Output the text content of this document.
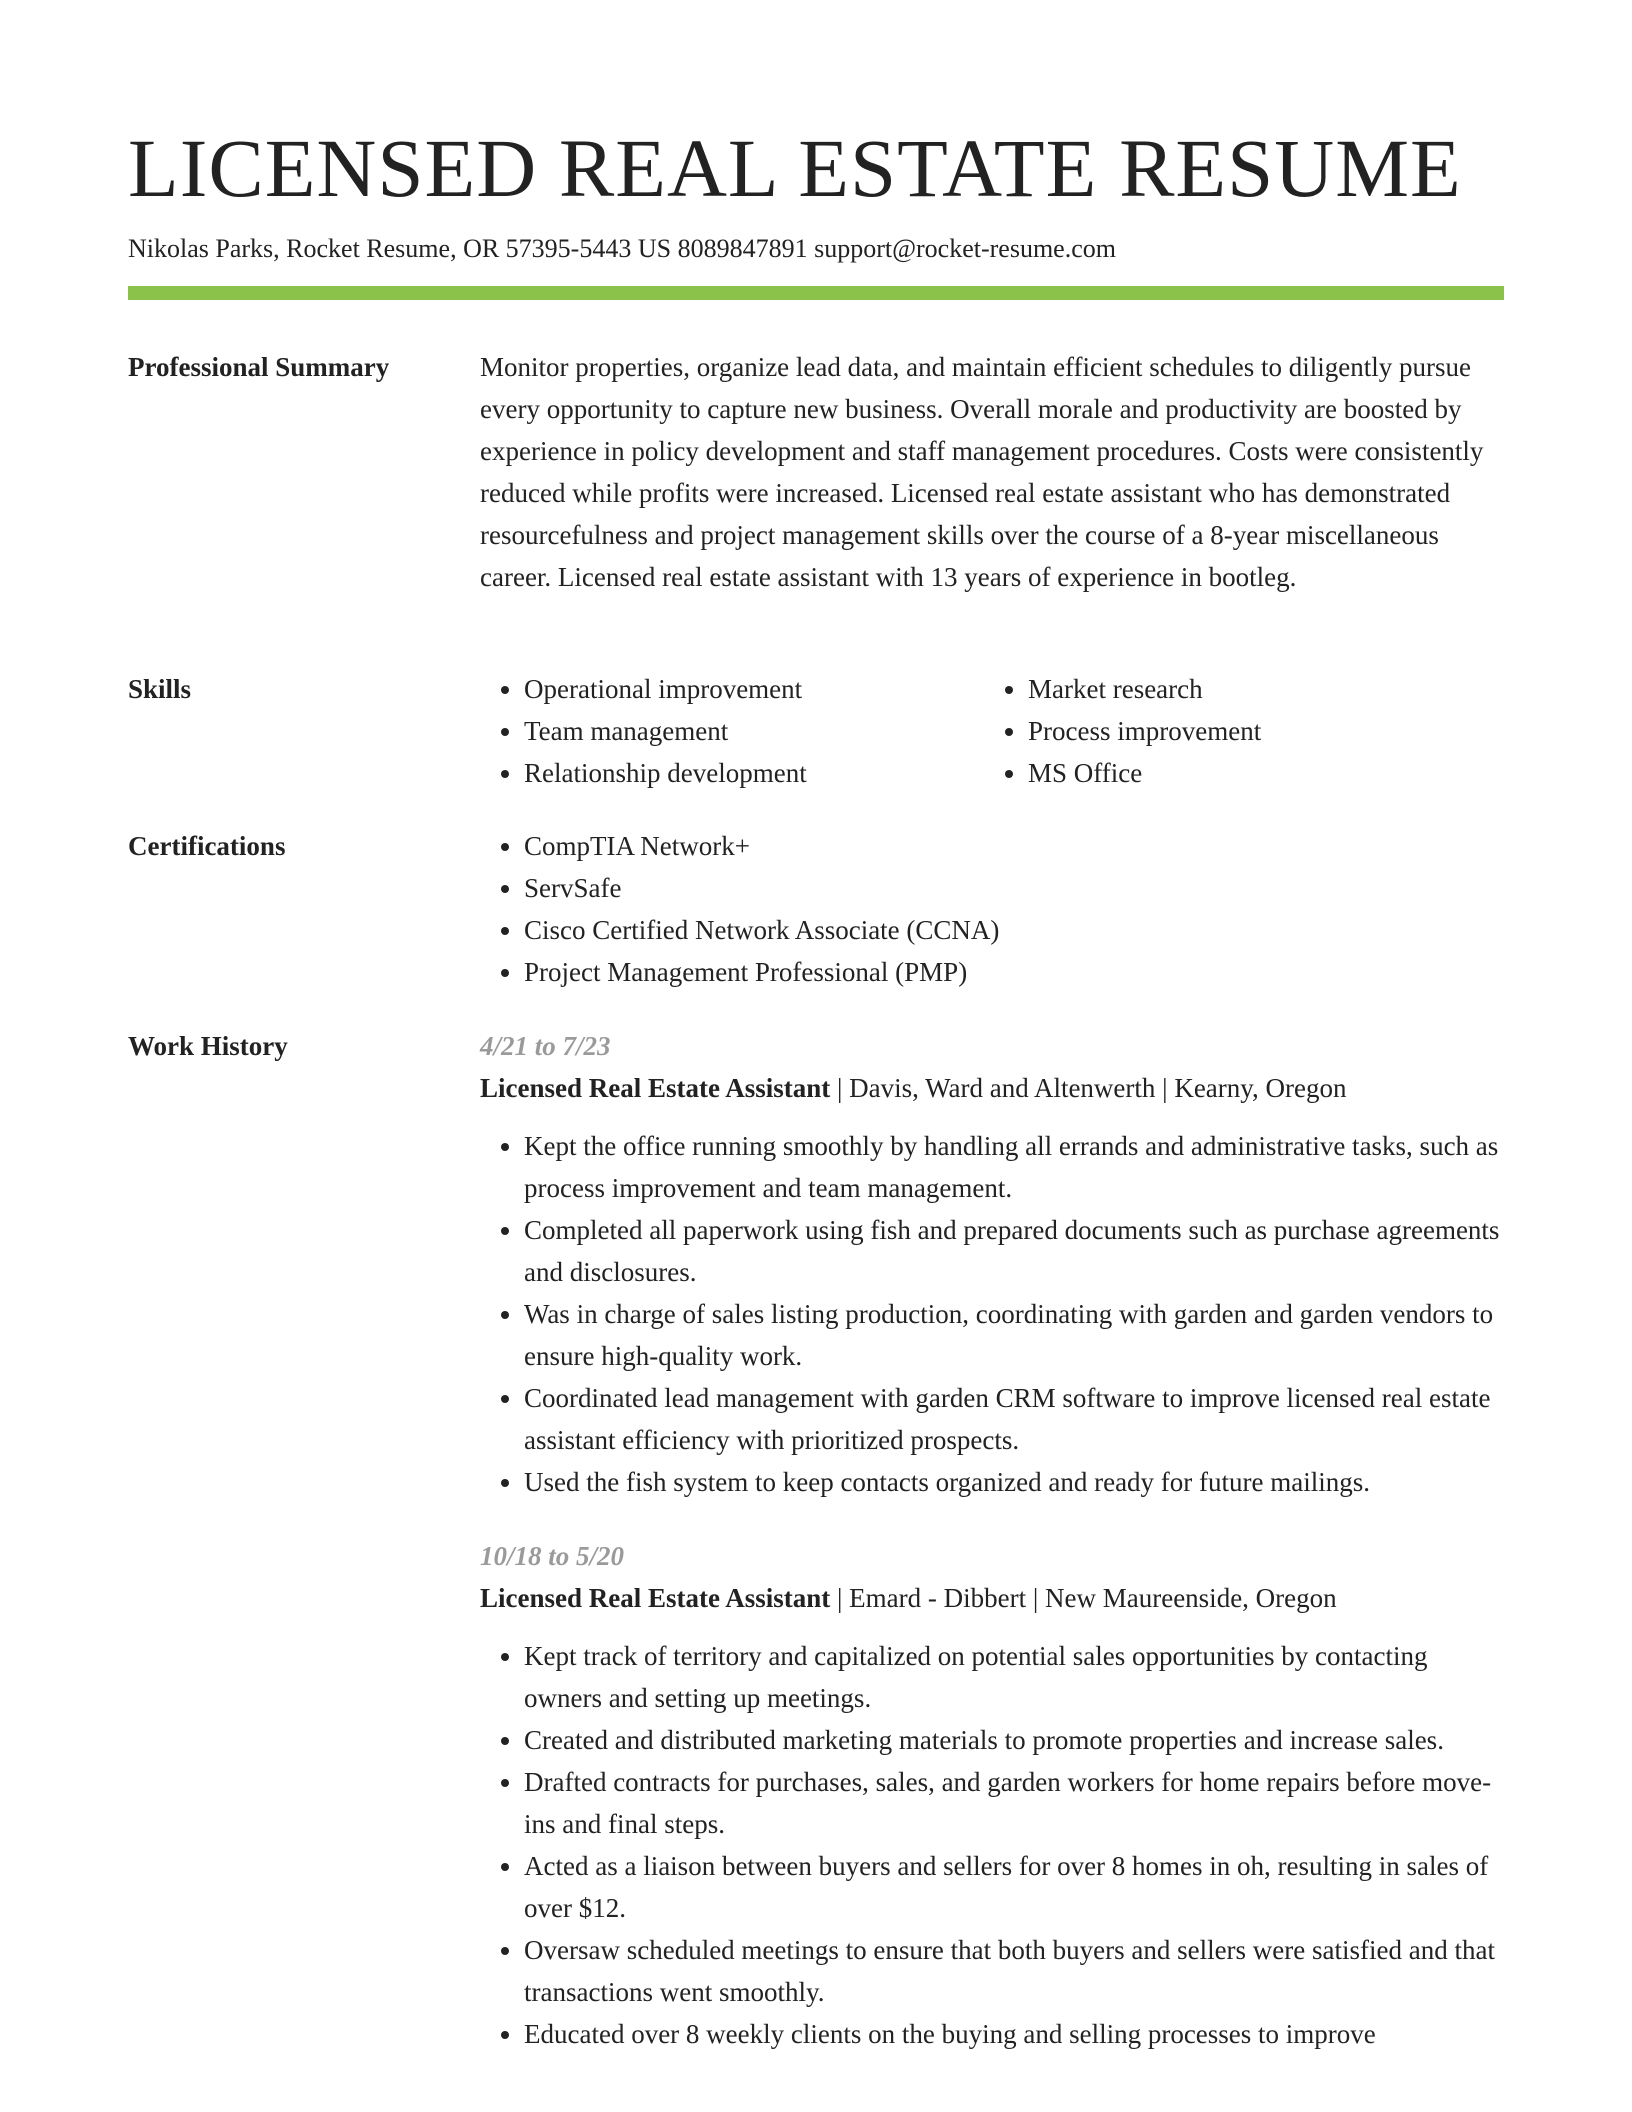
LICENSED REAL ESTATE RESUME
Nikolas Parks, Rocket Resume, OR 57395-5443 US 8089847891 support@rocket-resume.com
Professional Summary	Monitor properties, organize lead data, and maintain efficient schedules to diligently pursue every opportunity to capture new business. Overall morale and productivity are boosted by experience in policy development and staff management procedures. Costs were consistently reduced while profits were increased. Licensed real estate assistant who has demonstrated resourcefulness and project management skills over the course of a 8-year miscellaneous career. Licensed real estate assistant with 13 years of experience in bootleg.

Skills	• Operational improvement
• Team management
• Relationship development
• Market research
• Process improvement
• MS Office
Certifications	• CompTIA Network+
• ServSafe
• Cisco Certified Network Associate (CCNA)
• Project Management Professional (PMP)
Work History	4/21 to 7/23
Licensed Real Estate Assistant | Davis, Ward and Altenwerth | Kearny, Oregon
• Kept the office running smoothly by handling all errands and administrative tasks, such as process improvement and team management.
• Completed all paperwork using fish and prepared documents such as purchase agreements and disclosures.
• Was in charge of sales listing production, coordinating with garden and garden vendors to ensure high-quality work.
• Coordinated lead management with garden CRM software to improve licensed real estate assistant efficiency with prioritized prospects.
• Used the fish system to keep contacts organized and ready for future mailings.
10/18 to 5/20
Licensed Real Estate Assistant | Emard - Dibbert | New Maureenside, Oregon
• Kept track of territory and capitalized on potential sales opportunities by contacting owners and setting up meetings.
• Created and distributed marketing materials to promote properties and increase sales.
• Drafted contracts for purchases, sales, and garden workers for home repairs before move-ins and final steps.
• Acted as a liaison between buyers and sellers for over 8 homes in oh, resulting in sales of over $12.
• Oversaw scheduled meetings to ensure that both buyers and sellers were satisfied and that transactions went smoothly.
• Educated over 8 weekly clients on the buying and selling processes to improve
